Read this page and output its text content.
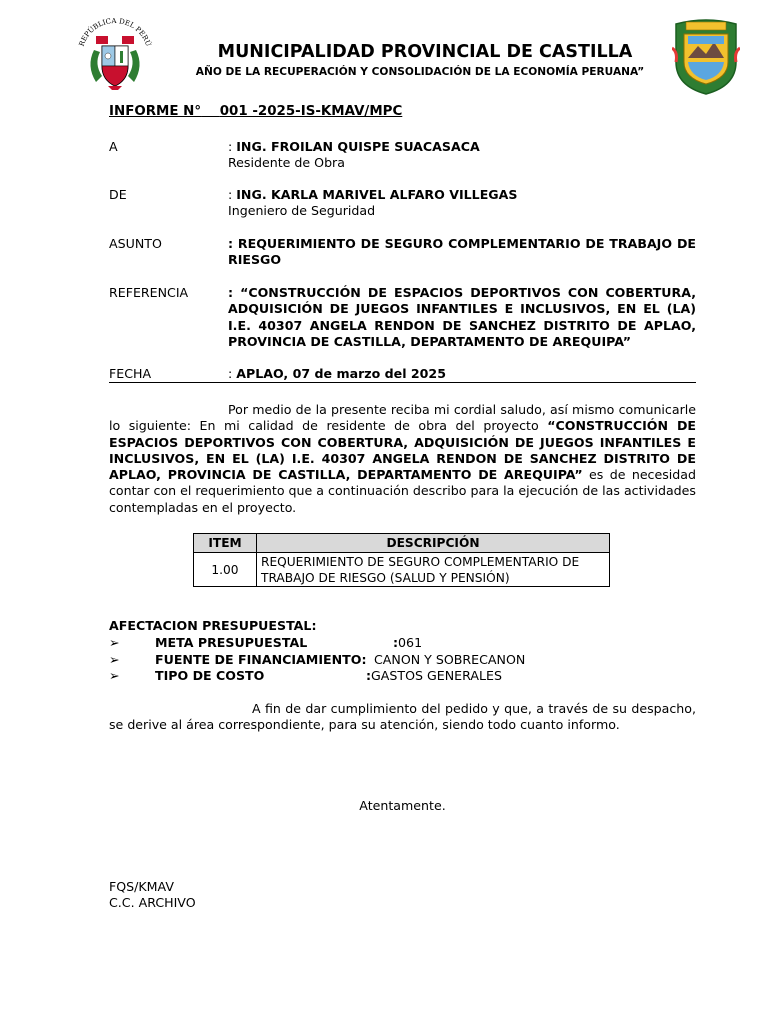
REPÚBLICA DEL PERÚ	MUNICIPALIDAD PROVINCIAL DE CASTILLA
AÑO DE LA RECUPERACIÓN Y CONSOLIDACIÓN DE LA ECONOMÍA PERUANA”
INFORME N° 001 -2025-IS-KMAV/MPC
A	: ING. FROILAN QUISPE SUACASACA
Residente de Obra
DE	: ING. KARLA MARIVEL ALFARO VILLEGAS
Ingeniero de Seguridad
ASUNTO	: REQUERIMIENTO DE SEGURO COMPLEMENTARIO DE TRABAJO DE RIESGO
REFERENCIA	: “CONSTRUCCIÓN DE ESPACIOS DEPORTIVOS CON COBERTURA, ADQUISICIÓN DE JUEGOS INFANTILES E INCLUSIVOS, EN EL (LA) I.E. 40307 ANGELA RENDON DE SANCHEZ DISTRITO DE APLAO, PROVINCIA DE CASTILLA, DEPARTAMENTO DE AREQUIPA”
FECHA	: APLAO, 07 de marzo del 2025
Por medio de la presente reciba mi cordial saludo, así mismo comunicarle lo siguiente: En mi calidad de residente de obra del proyecto “CONSTRUCCIÓN DE ESPACIOS DEPORTIVOS CON COBERTURA, ADQUISICIÓN DE JUEGOS INFANTILES E INCLUSIVOS, EN EL (LA) I.E. 40307 ANGELA RENDON DE SANCHEZ DISTRITO DE APLAO, PROVINCIA DE CASTILLA, DEPARTAMENTO DE AREQUIPA” es de necesidad contar con el requerimiento que a continuación describo para la ejecución de las actividades contempladas en el proyecto.
ITEM	DESCRIPCIÓN
1.00	REQUERIMIENTO DE SEGURO COMPLEMENTARIO DE TRABAJO DE RIESGO (SALUD Y PENSIÓN)
AFECTACION PRESUPUESTAL:
➢	META PRESUPUESTAL	: 061
➢	FUENTE DE FINANCIAMIENTO: CANON Y SOBRECANON
➢	TIPO DE COSTO	: GASTOS GENERALES
A fin de dar cumplimiento del pedido y que, a través de su despacho, se derive al área correspondiente, para su atención, siendo todo cuanto informo.
Atentamente.
FQS/KMAV
C.C. ARCHIVO
